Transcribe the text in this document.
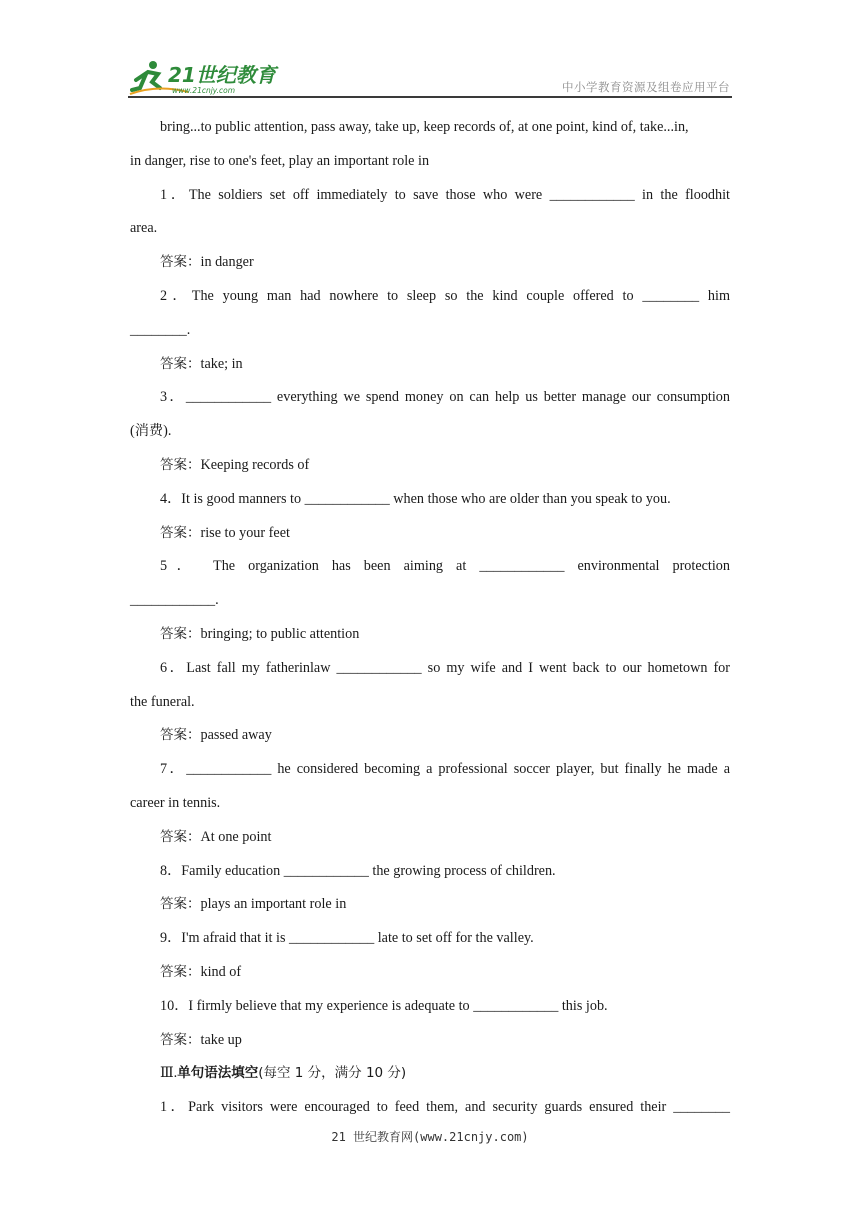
21世纪教育
www.21cnjy.com	中小学教育资源及组卷应用平台
bring...to public attention, pass away, take up, keep records of, at one point, kind of, take...in,
in danger, rise to one's feet, play an important role in
1．The soldiers set off immediately to save those who were ____________ in the floodhit
area.
答案：in danger
2．The young man had nowhere to sleep so the kind couple offered to ________ him
________.
答案：take; in
3．____________ everything we spend money on can help us better manage our consumption
(消费).
答案：Keeping records of
4．It is good manners to ____________ when those who are older than you speak to you.
答案：rise to your feet
5． The organization has been aiming at ____________ environmental protection
____________.
答案：bringing; to public attention
6．Last fall my fatherinlaw ____________ so my wife and I went back to our hometown for
the funeral.
答案：passed away
7．____________ he considered becoming a professional soccer player, but finally he made a
career in tennis.
答案：At one point
8．Family education ____________ the growing process of children.
答案：plays an important role in
9．I'm afraid that it is ____________ late to set off for the valley.
答案：kind of
10．I firmly believe that my experience is adequate to ____________ this job.
答案：take up
Ⅲ.单句语法填空(每空 1 分，满分 10 分)
1．Park visitors were encouraged to feed them, and security guards ensured their ________
21 世纪教育网(www.21cnjy.com)
